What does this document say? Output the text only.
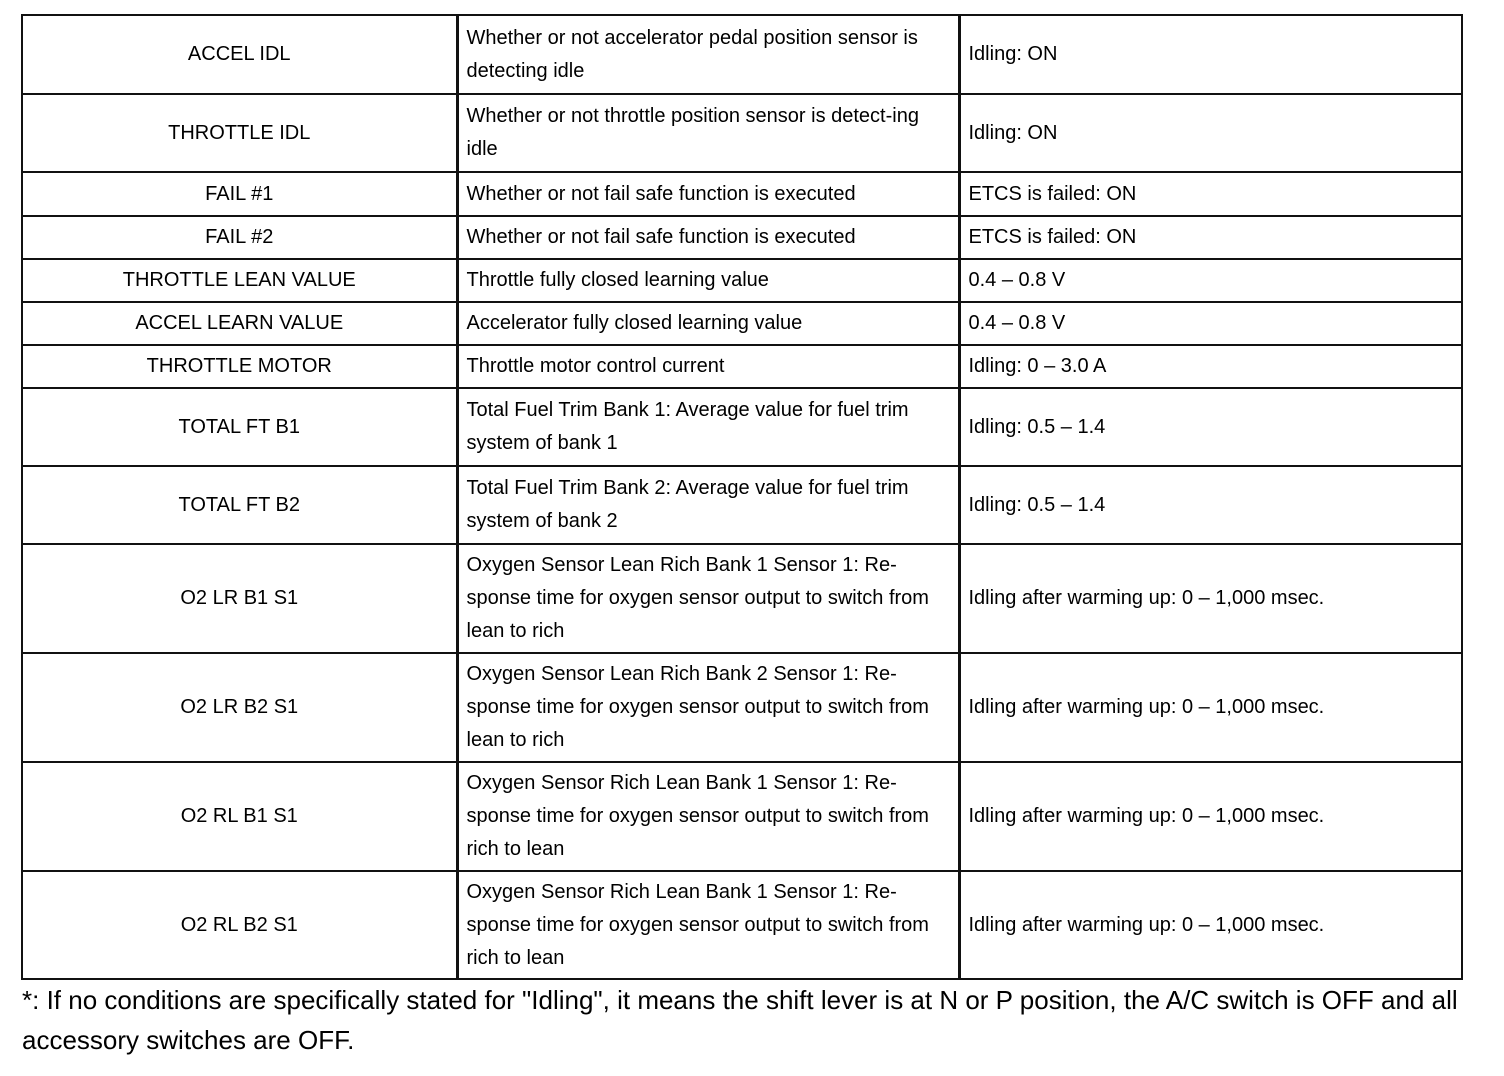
ACCEL IDL	Whether or not accelerator pedal position sensor is detecting idle	Idling: ON
THROTTLE IDL	Whether or not throttle position sensor is detect-ing idle	Idling: ON
FAIL #1	Whether or not fail safe function is executed	ETCS is failed: ON
FAIL #2	Whether or not fail safe function is executed	ETCS is failed: ON
THROTTLE LEAN VALUE	Throttle fully closed learning value	0.4 – 0.8 V
ACCEL LEARN VALUE	Accelerator fully closed learning value	0.4 – 0.8 V
THROTTLE MOTOR	Throttle motor control current	Idling: 0 – 3.0 A
TOTAL FT B1	Total Fuel Trim Bank 1: Average value for fuel trim system of bank 1	Idling: 0.5 – 1.4
TOTAL FT B2	Total Fuel Trim Bank 2: Average value for fuel trim system of bank 2	Idling: 0.5 – 1.4
O2 LR B1 S1	Oxygen Sensor Lean Rich Bank 1 Sensor 1: Re-sponse time for oxygen sensor output to switch from lean to rich	Idling after warming up: 0 – 1,000 msec.
O2 LR B2 S1	Oxygen Sensor Lean Rich Bank 2 Sensor 1: Re-sponse time for oxygen sensor output to switch from lean to rich	Idling after warming up: 0 – 1,000 msec.
O2 RL B1 S1	Oxygen Sensor Rich Lean Bank 1 Sensor 1: Re-sponse time for oxygen sensor output to switch from rich to lean	Idling after warming up: 0 – 1,000 msec.
O2 RL B2 S1	Oxygen Sensor Rich Lean Bank 1 Sensor 1: Re-sponse time for oxygen sensor output to switch from rich to lean	Idling after warming up: 0 – 1,000 msec.
*: If no conditions are specifically stated for "Idling", it means the shift lever is at N or P position, the A/C switch is OFF and all accessory switches are OFF.
